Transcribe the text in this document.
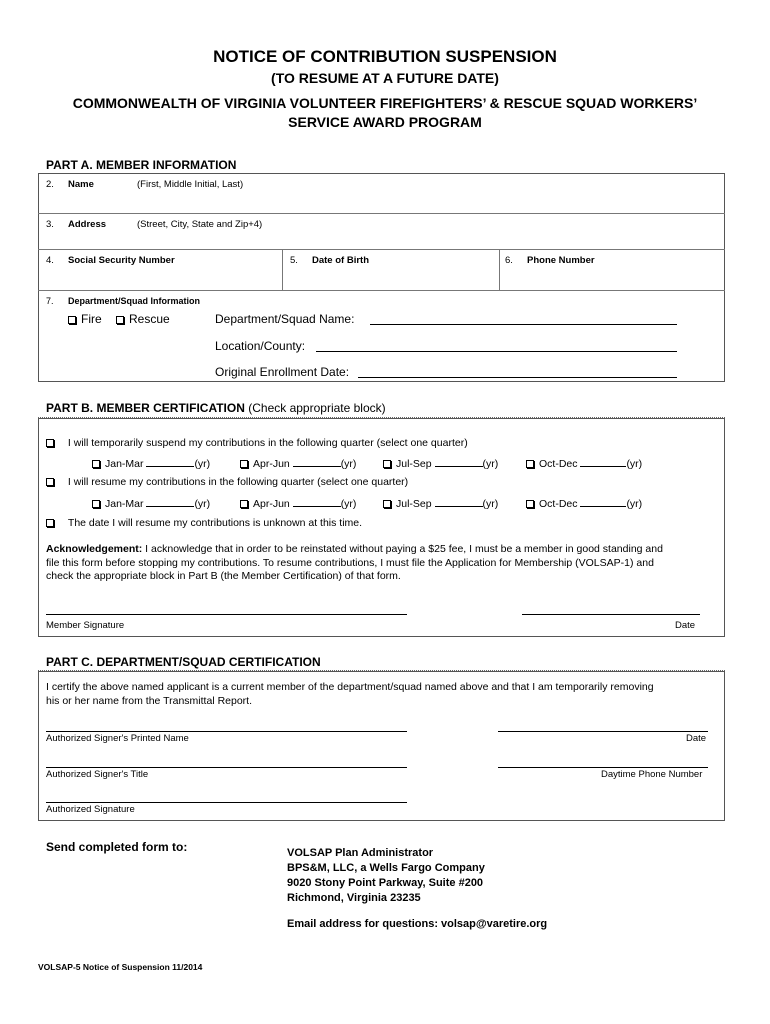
NOTICE OF CONTRIBUTION SUSPENSION
(TO RESUME AT A FUTURE DATE)
COMMONWEALTH OF VIRGINIA VOLUNTEER FIREFIGHTERS’ & RESCUE SQUAD WORKERS’
SERVICE AWARD PROGRAM
PART A. MEMBER INFORMATION
2. Name	(First, Middle Initial, Last)
3. Address	(Street, City, State and Zip+4)
4. Social Security Number	5. Date of Birth	6. Phone Number
7. Department/Squad Information
Fire	Rescue	Department/Squad Name:
Location/County:
Original Enrollment Date:
PART B. MEMBER CERTIFICATION (Check appropriate block)
I will temporarily suspend my contributions in the following quarter (select one quarter)
Jan-Mar	(yr)	Apr-Jun	(yr)	Jul-Sep	(yr)	Oct-Dec	(yr)
I will resume my contributions in the following quarter (select one quarter)
Jan-Mar	(yr)	Apr-Jun	(yr)	Jul-Sep	(yr)	Oct-Dec	(yr)
The date I will resume my contributions is unknown at this time.
Acknowledgement: I acknowledge that in order to be reinstated without paying a $25 fee, I must be a member in good standing and
file this form before stopping my contributions. To resume contributions, I must file the Application for Membership (VOLSAP-1) and
check the appropriate block in Part B (the Member Certification) of that form.
Member Signature	Date
PART C. DEPARTMENT/SQUAD CERTIFICATION
I certify the above named applicant is a current member of the department/squad named above and that I am temporarily removing
his or her name from the Transmittal Report.
Authorized Signer's Printed Name	Date
Authorized Signer's Title	Daytime Phone Number
Authorized Signature
Send completed form to:	VOLSAP Plan Administrator
BPS&M, LLC, a Wells Fargo Company
9020 Stony Point Parkway, Suite #200
Richmond, Virginia 23235
Email address for questions: volsap@varetire.org
VOLSAP-5 Notice of Suspension 11/2014
